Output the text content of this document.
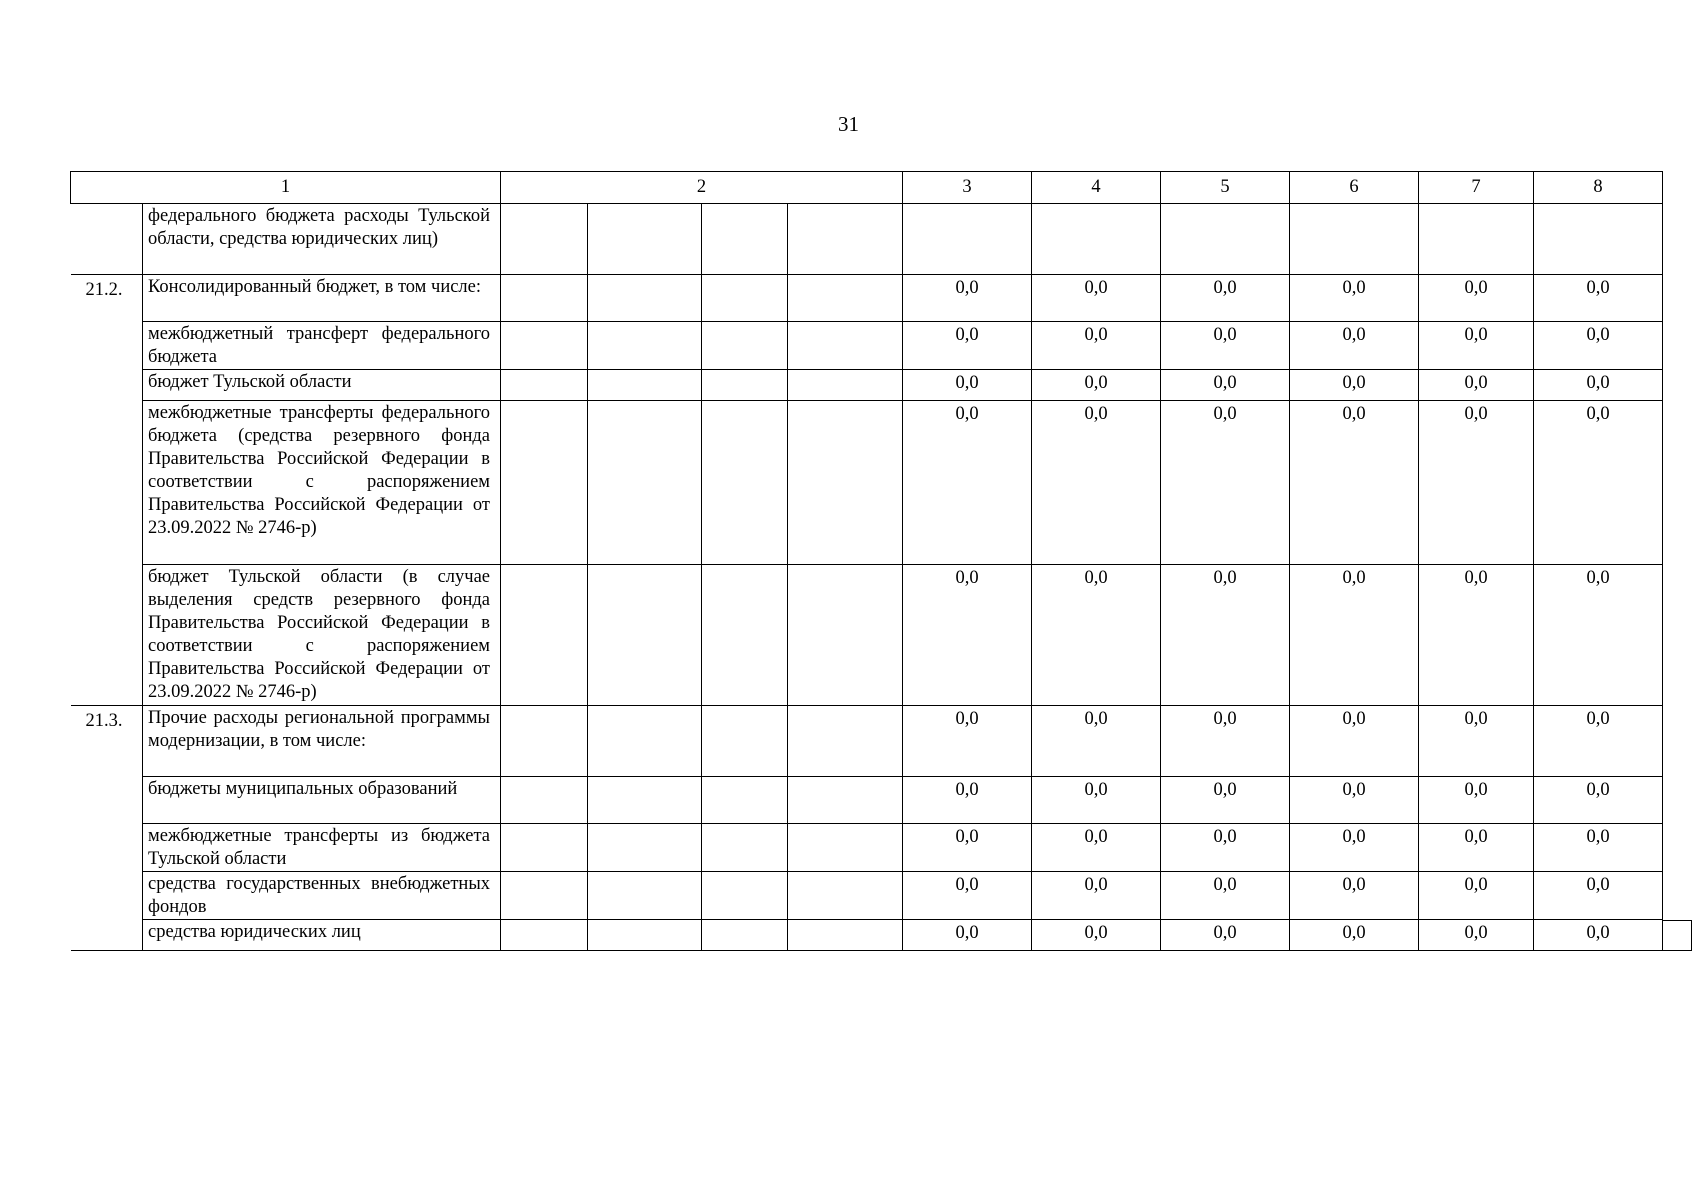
31
1		2				3	4	5	6	7	8
	федерального бюджета расходы Тульской области, средства юридических лиц)										
21.2.	Консолидированный бюджет, в том числе:					0,0	0,0	0,0	0,0	0,0	0,0
	межбюджетный трансферт федерального бюджета					0,0	0,0	0,0	0,0	0,0	0,0
	бюджет Тульской области					0,0	0,0	0,0	0,0	0,0	0,0
	межбюджетные трансферты федерального бюджета (средства резервного фонда Правительства Российской Федерации в соответствии с распоряжением Правительства Российской Федерации от 23.09.2022 № 2746-р)					0,0	0,0	0,0	0,0	0,0	0,0
	бюджет Тульской области (в случае выделения средств резервного фонда Правительства Российской Федерации в соответствии с распоряжением Правительства Российской Федерации от 23.09.2022 № 2746-р)					0,0	0,0	0,0	0,0	0,0	0,0
21.3.	Прочие расходы региональной программы модернизации, в том числе:					0,0	0,0	0,0	0,0	0,0	0,0
	бюджеты муниципальных образований					0,0	0,0	0,0	0,0	0,0	0,0
	межбюджетные трансферты из бюджета Тульской области					0,0	0,0	0,0	0,0	0,0	0,0
	средства государственных внебюджетных фондов					0,0	0,0	0,0	0,0	0,0	0,0
	средства юридических лиц					0,0	0,0	0,0	0,0	0,0	0,0
